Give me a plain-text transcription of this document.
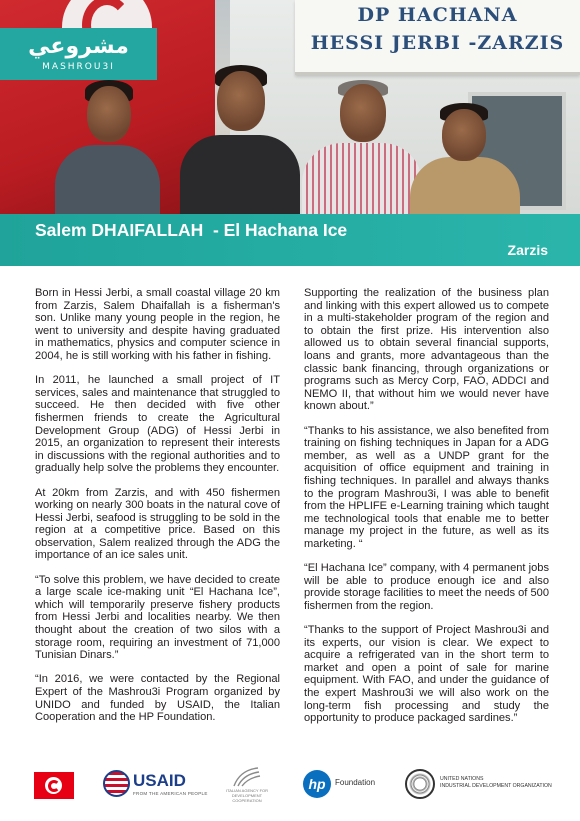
DP HACHANA
HESSI JERBI -ZARZIS
مشروعي
MASHROU3I
Salem DHAIFALLAH  - El Hachana Ice
Zarzis

Born in Hessi Jerbi, a small coastal village 20 km from Zarzis, Salem Dhaifallah is a fisherman's son. Unlike many young people in the region, he went to university and despite having graduated in mathematics, physics and computer science in 2004, he is still working with his father in fishing.

In 2011, he launched a small project of IT services, sales and maintenance that struggled to succeed. He then decided with five other fishermen friends to create the Agricultural Development Group (ADG) of Hessi Jerbi in 2015, an organization to represent their interests in discussions with the regional authorities and to gradually help solve the problems they encounter.

At 20km from Zarzis, and with 450 fishermen working on nearly 300 boats in the natural cove of Hessi Jerbi, seafood is struggling to be sold in the region at a competitive price. Based on this observation, Salem realized through the ADG the importance of an ice sales unit.

“To solve this problem, we have decided to create a large scale ice-making unit “El Hachana Ice”, which will temporarily preserve fishery products from Hessi Jerbi and localities nearby. We then thought about the creation of two silos with a storage room, requiring an investment of 71,000 Tunisian Dinars.”

“In 2016, we were contacted by the Regional Expert of the Mashrou3i Program organized by UNIDO and funded by USAID, the Italian Cooperation and the HP Foundation.

Supporting the realization of the business plan and linking with this expert allowed us to compete in a multi-stakeholder program of the region and to obtain the first prize. His intervention also allowed us to obtain several financial supports, loans and grants, more advantageous than the classic bank financing, through organizations or programs such as Mercy Corp, FAO, ADDCI and NEMO II, that without him we would never have known about.”

“Thanks to his assistance, we also benefited from training on fishing techniques in Japan for a ADG member, as well as a UNDP grant for the acquisition of office equipment and training in fishing techniques. In parallel and always thanks to the program Mashrou3i, I was able to benefit from the HPLIFE e-Learning training which taught me technological tools that enable me to better manage my project in the future, as well as its marketing. “

“El Hachana Ice” company, with 4 permanent jobs will be able to produce enough ice and also provide storage facilities to meet the needs of 500 fishermen from the region.

“Thanks to the support of Project Mashrou3i and its experts, our vision is clear. We expect to acquire a refrigerated van in the short term to market and open a point of sale for marine equipment. With FAO, and under the guidance of the expert Mashrou3i we will also work on the long-term fish processing and study the opportunity to produce packaged sardines.”

USAID
FROM THE AMERICAN PEOPLE
ITALIAN AGENCY FOR DEVELOPMENT COOPERATION
hp	Foundation	UNITED NATIONS
INDUSTRIAL DEVELOPMENT ORGANIZATION
